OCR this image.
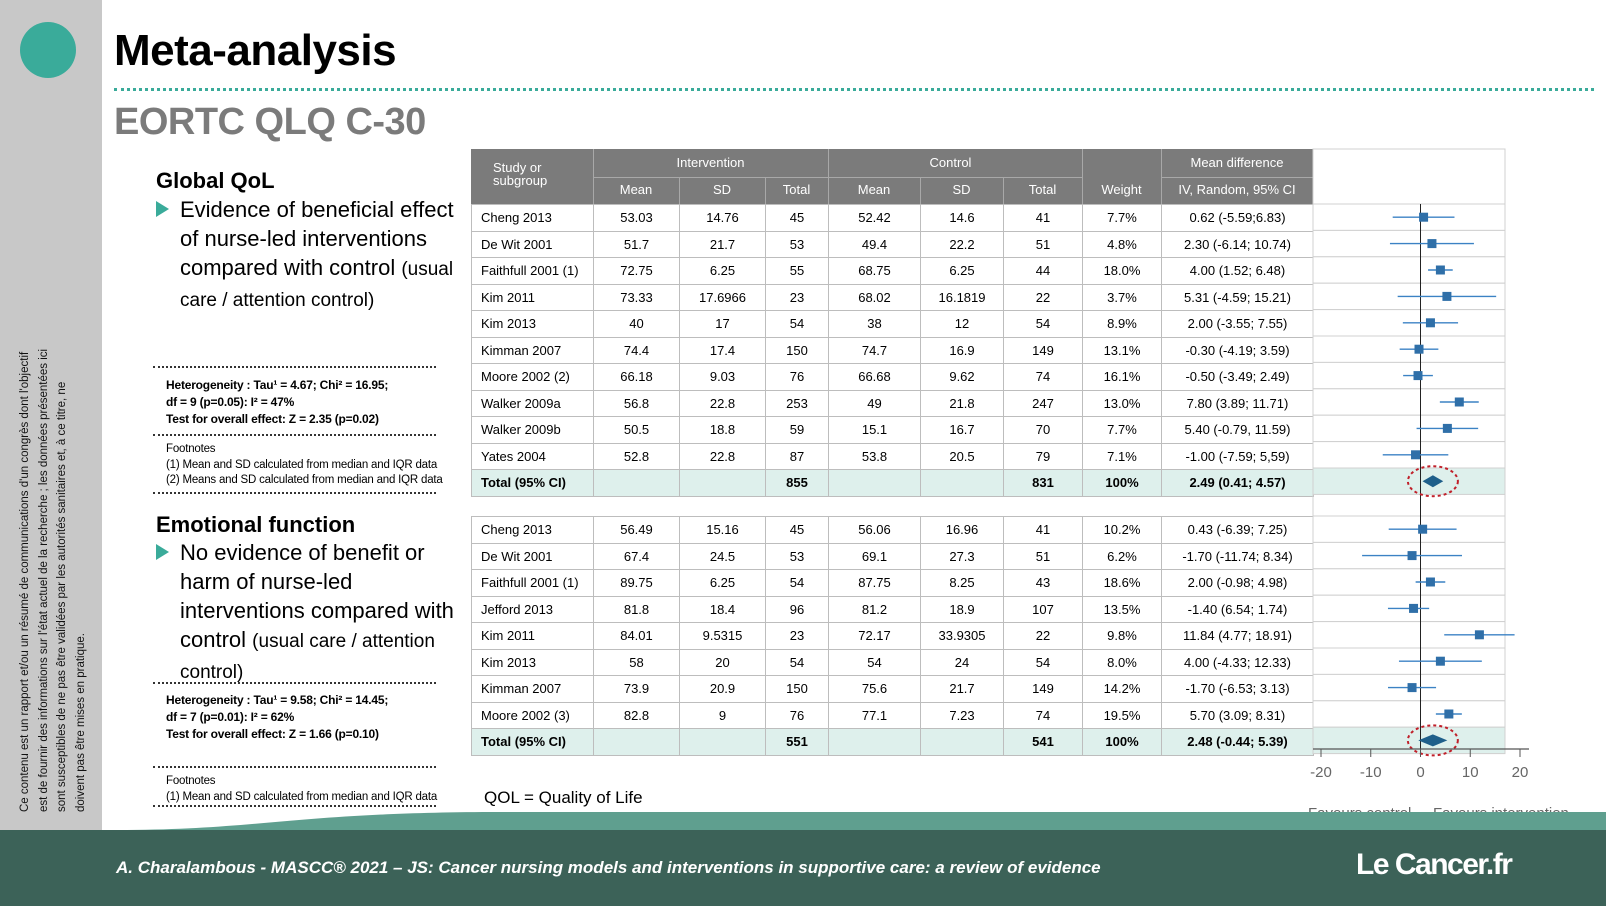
Ce contenu est un rapport et/ou un résumé de communications d'un congrès dont l'objectif est de fournir des informations sur l'état actuel de la recherche ; les données présentées ici sont susceptibles de ne pas être validées par les autorités sanitaires et, à ce titre, ne doivent pas être mises en pratique.
Meta-analysis
EORTC QLQ C-30
Global QoL
Evidence of beneficial effect of nurse-led interventions compared with control (usual care / attention control)
Heterogeneity : Tau¹ = 4.67; Chi² = 16.95;
df = 9 (p=0.05): I² = 47%
Test for overall effect: Z = 2.35 (p=0.02)
Footnotes
(1) Mean and SD calculated from median and IQR data
(2) Means and SD calculated from median and IQR data
Emotional function
No evidence of benefit or harm of nurse-led interventions compared with control (usual care / attention control)
Heterogeneity : Tau¹ = 9.58; Chi² = 14.45;
df = 7 (p=0.01): I² = 62%
Test for overall effect: Z = 1.66 (p=0.10)
Footnotes
(1) Mean and SD calculated from median and IQR data
Study or subgroup
Intervention	Control	Mean difference
Mean	SD	Total	Mean	SD	Total	Weight	IV, Random, 95% CI
Cheng 2013	53.03	14.76	45	52.42	14.6	41	7.7%	0.62 (-5.59;6.83)
De Wit 2001	51.7	21.7	53	49.4	22.2	51	4.8%	2.30 (-6.14; 10.74)
Faithfull 2001 (1)	72.75	6.25	55	68.75	6.25	44	18.0%	4.00 (1.52; 6.48)
Kim 2011	73.33	17.6966	23	68.02	16.1819	22	3.7%	5.31 (-4.59; 15.21)
Kim 2013	40	17	54	38	12	54	8.9%	2.00 (-3.55; 7.55)
Kimman 2007	74.4	17.4	150	74.7	16.9	149	13.1%	-0.30 (-4.19; 3.59)
Moore 2002 (2)	66.18	9.03	76	66.68	9.62	74	16.1%	-0.50 (-3.49; 2.49)
Walker 2009a	56.8	22.8	253	49	21.8	247	13.0%	7.80 (3.89; 11.71)
Walker 2009b	50.5	18.8	59	15.1	16.7	70	7.7%	5.40 (-0.79, 11.59)
Yates 2004	52.8	22.8	87	53.8	20.5	79	7.1%	-1.00 (-7.59; 5,59)
Total (95% CI)			855			831	100%	2.49 (0.41; 4.57)
Cheng 2013	56.49	15.16	45	56.06	16.96	41	10.2%	0.43 (-6.39; 7.25)
De Wit 2001	67.4	24.5	53	69.1	27.3	51	6.2%	-1.70 (-11.74; 8.34)
Faithfull 2001 (1)	89.75	6.25	54	87.75	8.25	43	18.6%	2.00 (-0.98; 4.98)
Jefford 2013	81.8	18.4	96	81.2	18.9	107	13.5%	-1.40 (6.54; 1.74)
Kim 2011	84.01	9.5315	23	72.17	33.9305	22	9.8%	11.84 (4.77; 18.91)
Kim 2013	58	20	54	54	24	54	8.0%	4.00 (-4.33; 12.33)
Kimman 2007	73.9	20.9	150	75.6	21.7	149	14.2%	-1.70 (-6.53; 3.13)
Moore 2002 (3)	82.8	9	76	77.1	7.23	74	19.5%	5.70 (3.09; 8.31)
Total (95% CI)			551			541	100%	2.48 (-0.44; 5.39)
-20 -10 0 10 20
QOL = Quality of Life
A. Charalambous - MASCC® 2021 – JS: Cancer nursing models and interventions in supportive care: a review of evidence	Le Cancer.fr
